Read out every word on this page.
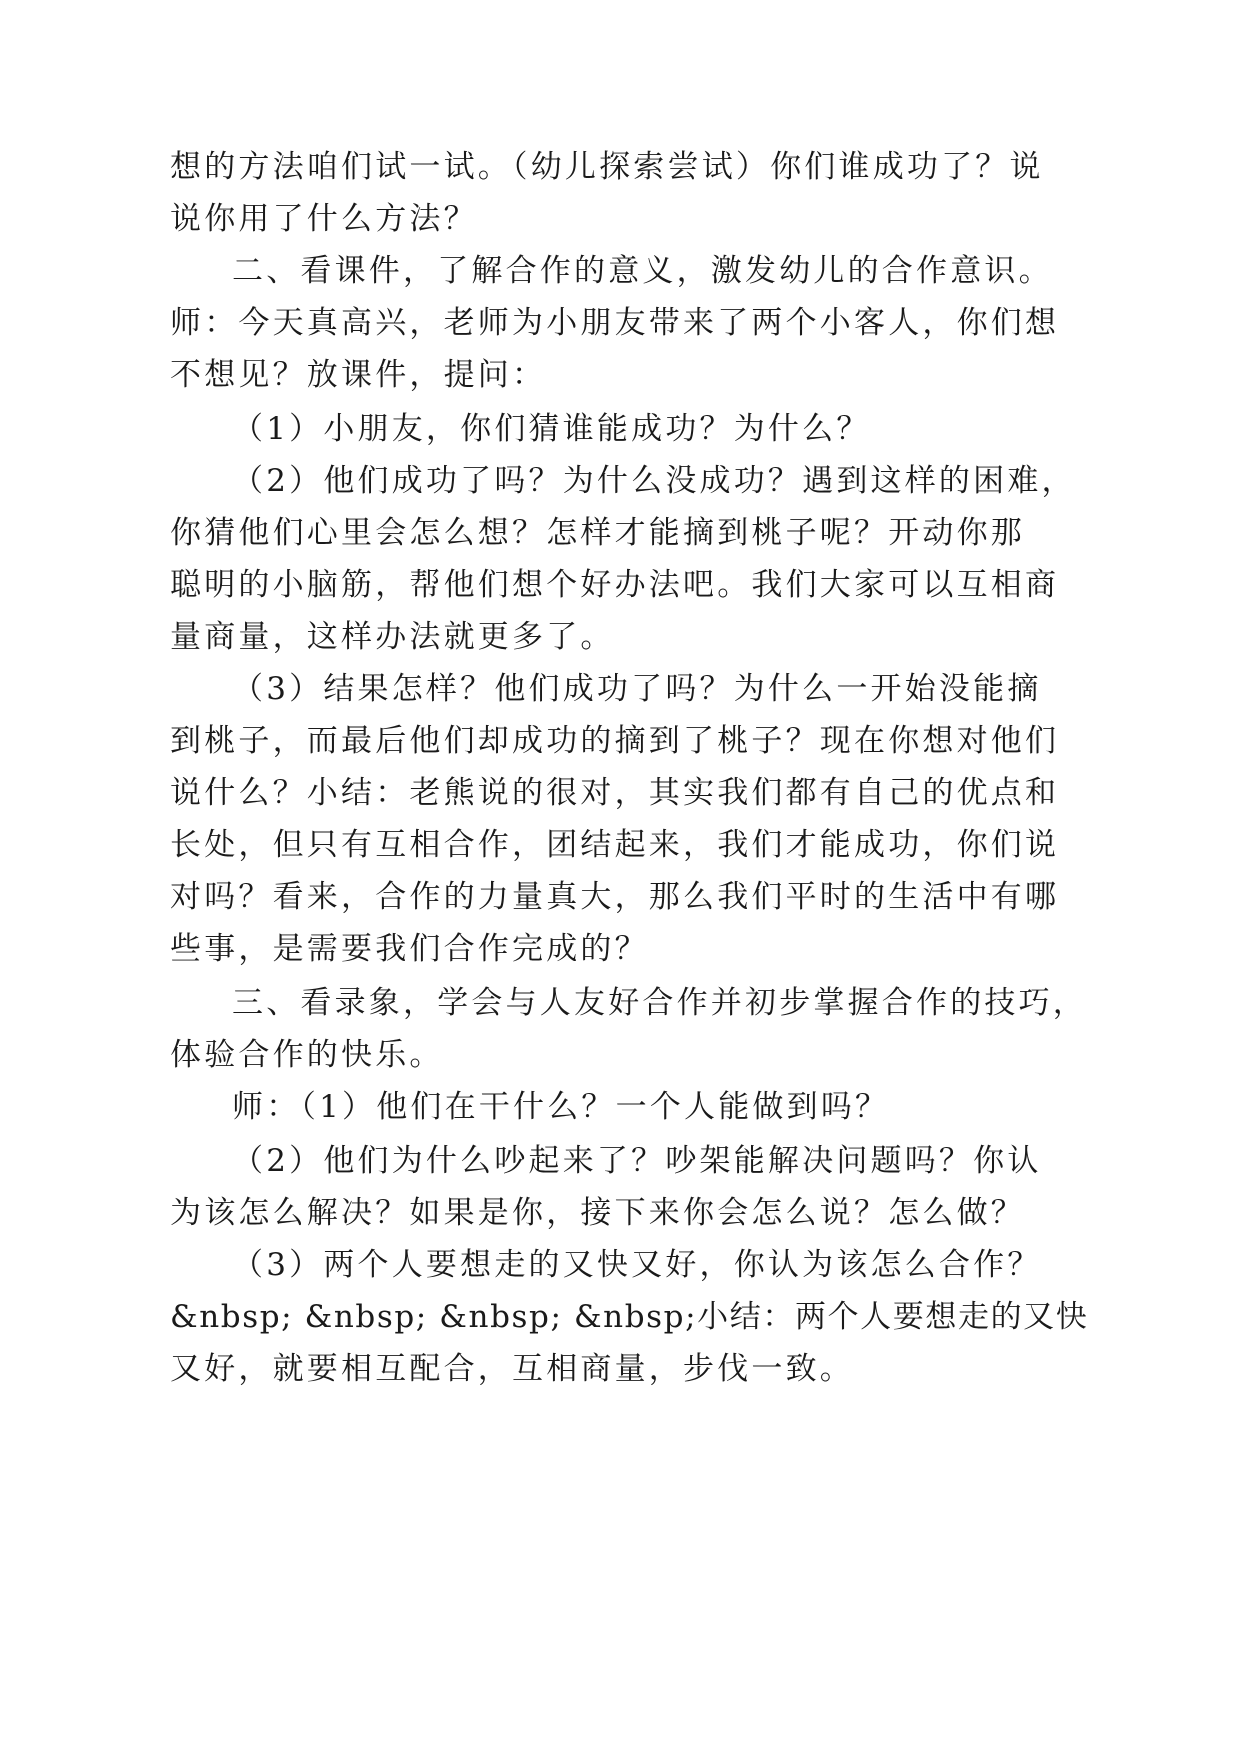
想的方法咱们试一试。（幼儿探索尝试）你们谁成功了？说
说你用了什么方法？
二、看课件，了解合作的意义，激发幼儿的合作意识。
师：今天真高兴，老师为小朋友带来了两个小客人，你们想
不想见？放课件，提问：
（1）小朋友，你们猜谁能成功？为什么？
（2）他们成功了吗？为什么没成功？遇到这样的困难，
你猜他们心里会怎么想？怎样才能摘到桃子呢？开动你那
聪明的小脑筋，帮他们想个好办法吧。我们大家可以互相商
量商量，这样办法就更多了。
（3）结果怎样？他们成功了吗？为什么一开始没能摘
到桃子，而最后他们却成功的摘到了桃子？现在你想对他们
说什么？小结：老熊说的很对，其实我们都有自己的优点和
长处，但只有互相合作，团结起来，我们才能成功，你们说
对吗？看来，合作的力量真大，那么我们平时的生活中有哪
些事，是需要我们合作完成的？
三、看录象，学会与人友好合作并初步掌握合作的技巧，
体验合作的快乐。
师：（1）他们在干什么？一个人能做到吗？
（2）他们为什么吵起来了？吵架能解决问题吗？你认
为该怎么解决？如果是你，接下来你会怎么说？怎么做？
（3）两个人要想走的又快又好，你认为该怎么合作？
&nbsp; &nbsp; &nbsp; &nbsp;小结：两个人要想走的又快
又好，就要相互配合，互相商量，步伐一致。
